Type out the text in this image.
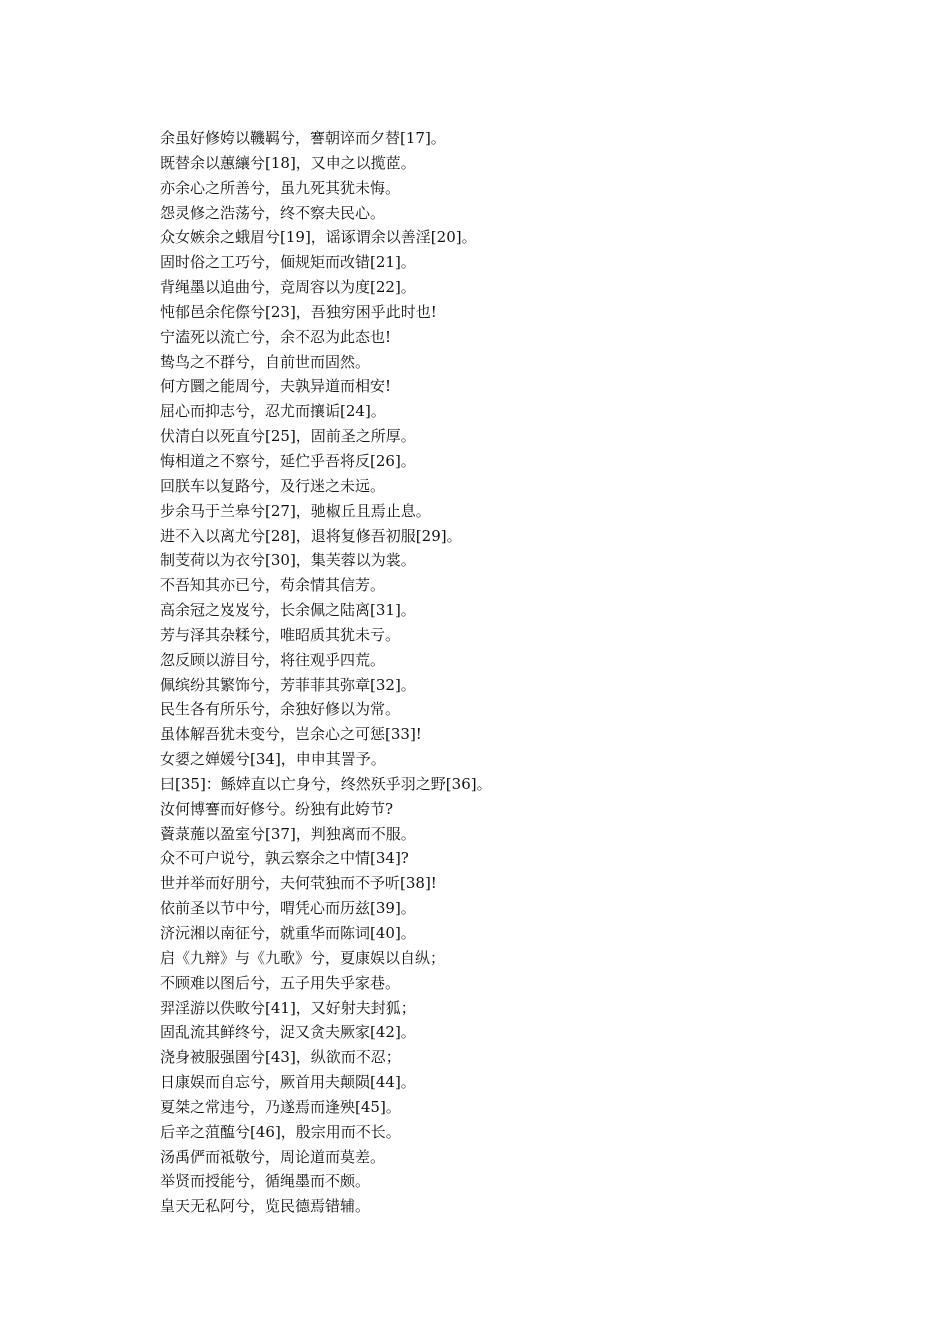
余虽好修姱以鞿羁兮，謇朝谇而夕替[17]。
既替余以蕙纕兮[18]，又申之以揽茝。
亦余心之所善兮，虽九死其犹未悔。
怨灵修之浩荡兮，终不察夫民心。
众女嫉余之蛾眉兮[19]，谣诼谓余以善淫[20]。
固时俗之工巧兮，偭规矩而改错[21]。
背绳墨以追曲兮，竞周容以为度[22]。
忳郁邑余侘傺兮[23]，吾独穷困乎此时也!
宁溘死以流亡兮，余不忍为此态也!
鸷鸟之不群兮，自前世而固然。
何方圜之能周兮，夫孰异道而相安!
屈心而抑志兮，忍尤而攘诟[24]。
伏清白以死直兮[25]，固前圣之所厚。
悔相道之不察兮，延伫乎吾将反[26]。
回朕车以复路兮，及行迷之未远。
步余马于兰皋兮[27]，驰椒丘且焉止息。
进不入以离尤兮[28]，退将复修吾初服[29]。
制芰荷以为衣兮[30]，集芙蓉以为裳。
不吾知其亦已兮，苟余情其信芳。
高余冠之岌岌兮，长余佩之陆离[31]。
芳与泽其杂糅兮，唯昭质其犹未亏。
忽反顾以游目兮，将往观乎四荒。
佩缤纷其繁饰兮，芳菲菲其弥章[32]。
民生各有所乐兮，余独好修以为常。
虽体解吾犹未变兮，岂余心之可惩[33]!
女媭之婵媛兮[34]，申申其詈予。
曰[35]：鲧婞直以亡身兮，终然殀乎羽之野[36]。
汝何博謇而好修兮。纷独有此姱节?
薋菉葹以盈室兮[37]，判独离而不服。
众不可户说兮，孰云察余之中情[34]?
世并举而好朋兮，夫何茕独而不予听[38]!
依前圣以节中兮，喟凭心而历兹[39]。
济沅湘以南征兮，就重华而陈词[40]。
启《九辩》与《九歌》兮，夏康娱以自纵；
不顾难以图后兮，五子用失乎家巷。
羿淫游以佚畋兮[41]，又好射夫封狐；
固乱流其鲜终兮，浞又贪夫厥家[42]。
浇身被服强圉兮[43]，纵欲而不忍；
日康娱而自忘兮，厥首用夫颠陨[44]。
夏桀之常违兮，乃遂焉而逢殃[45]。
后辛之菹醢兮[46]，殷宗用而不长。
汤禹俨而祗敬兮，周论道而莫差。
举贤而授能兮，循绳墨而不颇。
皇天无私阿兮，览民德焉错辅。
